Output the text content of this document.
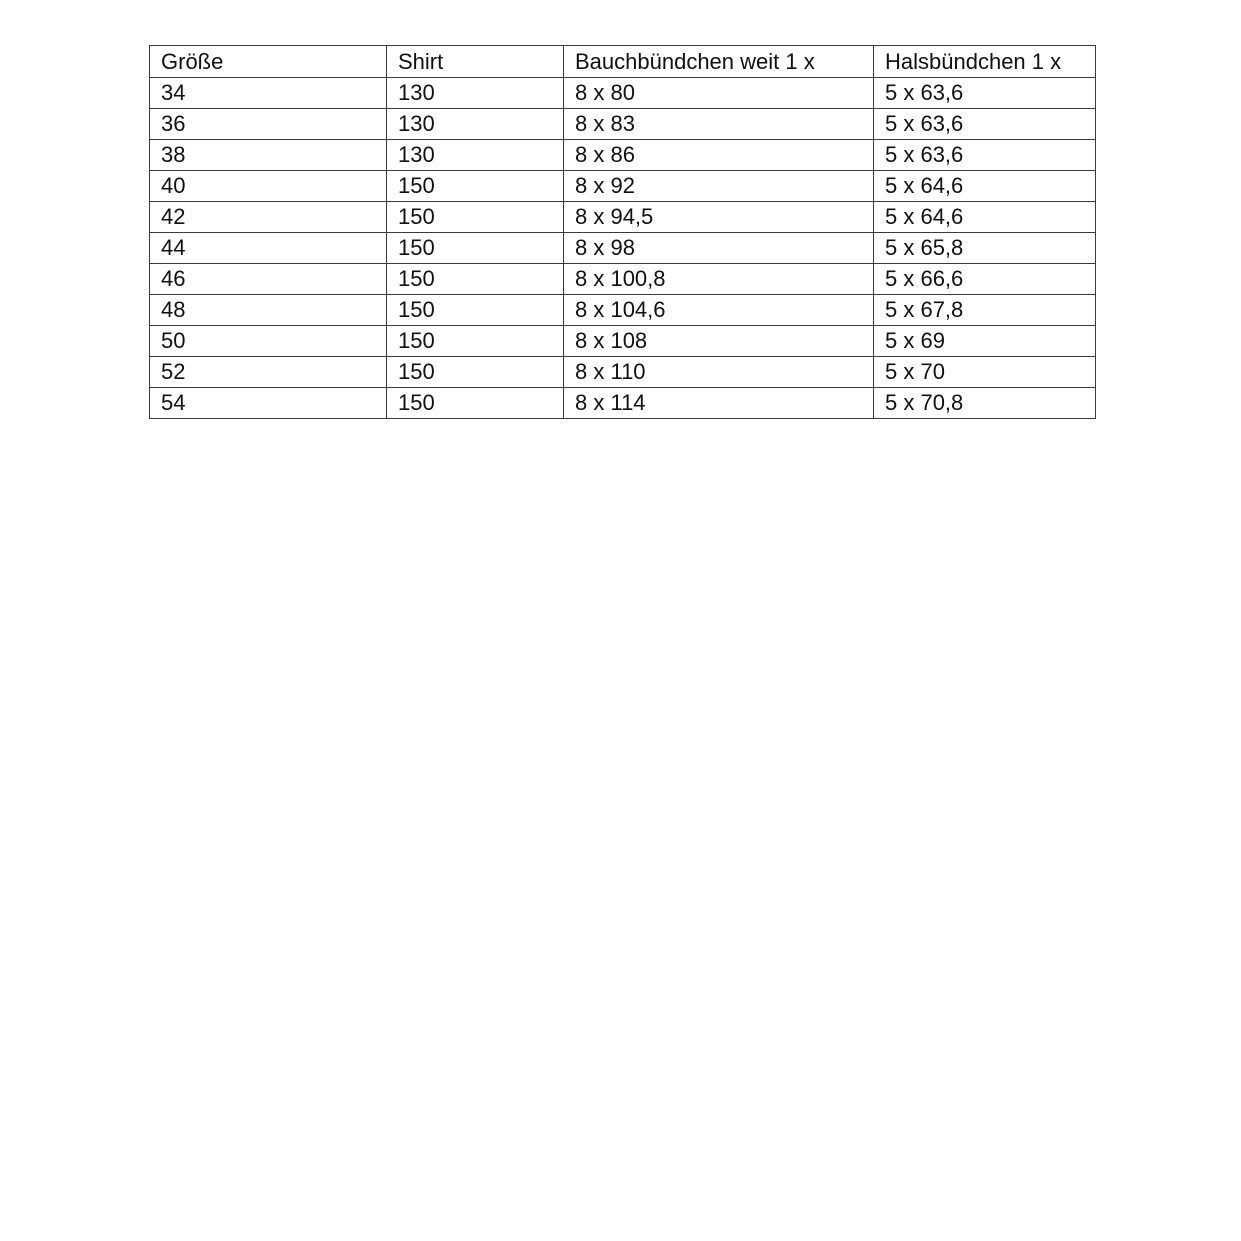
Größe	Shirt	Bauchbündchen weit 1 x	Halsbündchen 1 x
34	130	8 x 80	5 x 63,6
36	130	8 x 83	5 x 63,6
38	130	8 x 86	5 x 63,6
40	150	8 x 92	5 x 64,6
42	150	8 x 94,5	5 x 64,6
44	150	8 x 98	5 x 65,8
46	150	8 x 100,8	5 x 66,6
48	150	8 x 104,6	5 x 67,8
50	150	8 x 108	5 x 69
52	150	8 x 110	5 x 70
54	150	8 x 114	5 x 70,8
